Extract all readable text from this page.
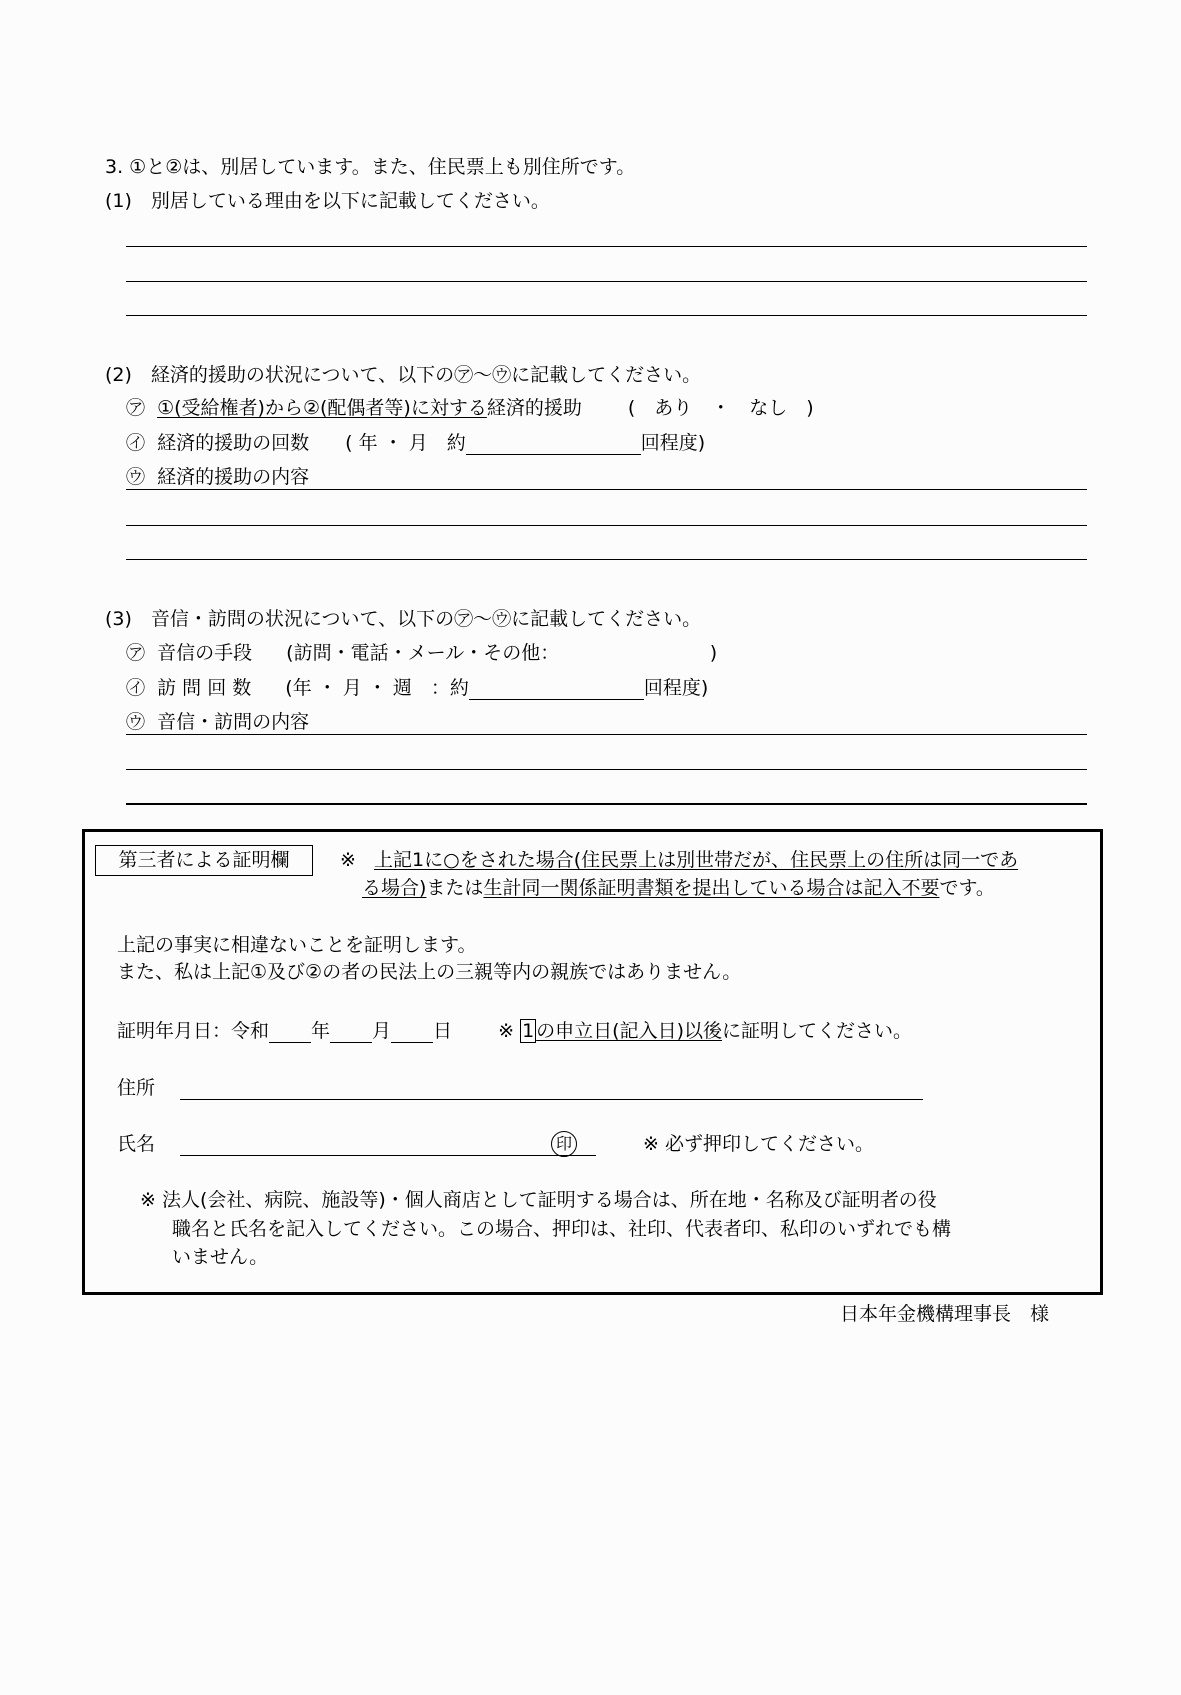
3. ①と②は、別居しています。また、住民票上も別住所です。
(1)　別居している理由を以下に記載してください。
(2)　経済的援助の状況について、以下の㋐～㋒に記載してください。
㋐ ①(受給権者)から②(配偶者等)に対する経済的援助 (　あり　・　なし　)
㋑ 経済的援助の回数 ( 年 ・ 月　約	回程度)
㋒ 経済的援助の内容
(3)　音信・訪問の状況について、以下の㋐～㋒に記載してください。
㋐ 音信の手段 (訪問・電話・メール・その他：	)
㋑ 訪 問 回 数 (年 ・ 月 ・ 週　：約	回程度)
㋒ 音信・訪問の内容
第三者による証明欄	※ 上記1に○をされた場合(住民票上は別世帯だが、住民票上の住所は同一であ
る場合)または生計同一関係証明書類を提出している場合は記入不要です。
上記の事実に相違ないことを証明します。
また、私は上記①及び②の者の民法上の三親等内の親族ではありません。
証明年月日：令和 年 月 日 ※ 1 の申立日(記入日)以後に証明してください。
住所
氏名	印	※ 必ず押印してください。
※ 法人(会社、病院、施設等)・個人商店として証明する場合は、所在地・名称及び証明者の役
職名と氏名を記入してください。この場合、押印は、社印、代表者印、私印のいずれでも構
いません。
日本年金機構理事長　様
